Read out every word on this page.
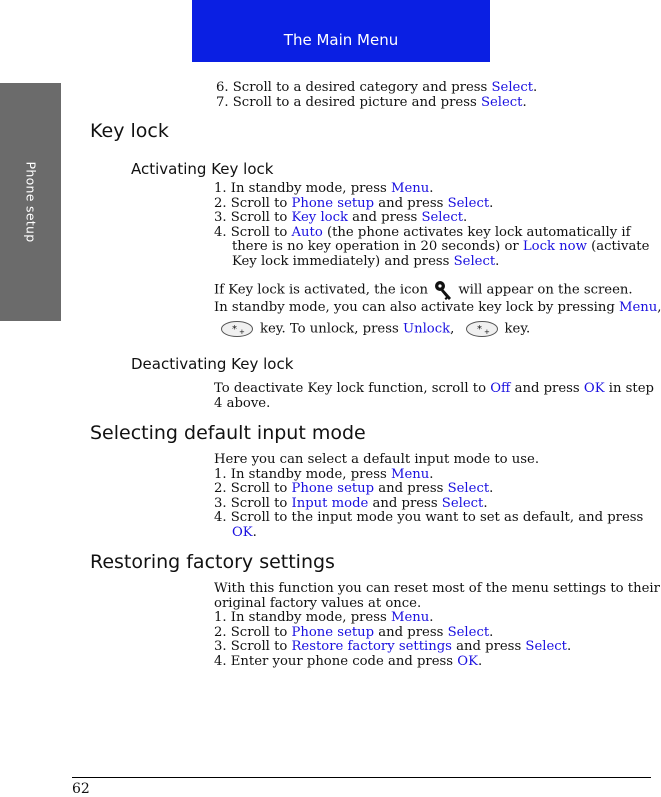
The Main Menu
Phone setup
6. Scroll to a desired category and press Select.
7. Scroll to a desired picture and press Select.
Key lock
Activating Key lock
1. In standby mode, press Menu.
2. Scroll to Phone setup and press Select.
3. Scroll to Key lock and press Select.
4. Scroll to Auto (the phone activates key lock automatically if
there is no key operation in 20 seconds) or Lock now (activate
Key lock immediately) and press Select.
If Key lock is activated, the icon will appear on the screen.
In standby mode, you can also activate key lock by pressing Menu
* + key. To unlock, press Unlock, * + key.
Deactivating Key lock
To deactivate Key lock function, scroll to Off and press OK in step
4 above.
Selecting default input mode
Here you can select a default input mode to use.
1. In standby mode, press Menu.
2. Scroll to Phone setup and press Select.
3. Scroll to Input mode and press Select.
4. Scroll to the input mode you want to set as default, and press
OK.
Restoring factory settings
With this function you can reset most of the menu settings to their
original factory values at once.
1. In standby mode, press Menu.
2. Scroll to Phone setup and press Select.
3. Scroll to Restore factory settings and press Select.
4. Enter your phone code and press OK.
62
